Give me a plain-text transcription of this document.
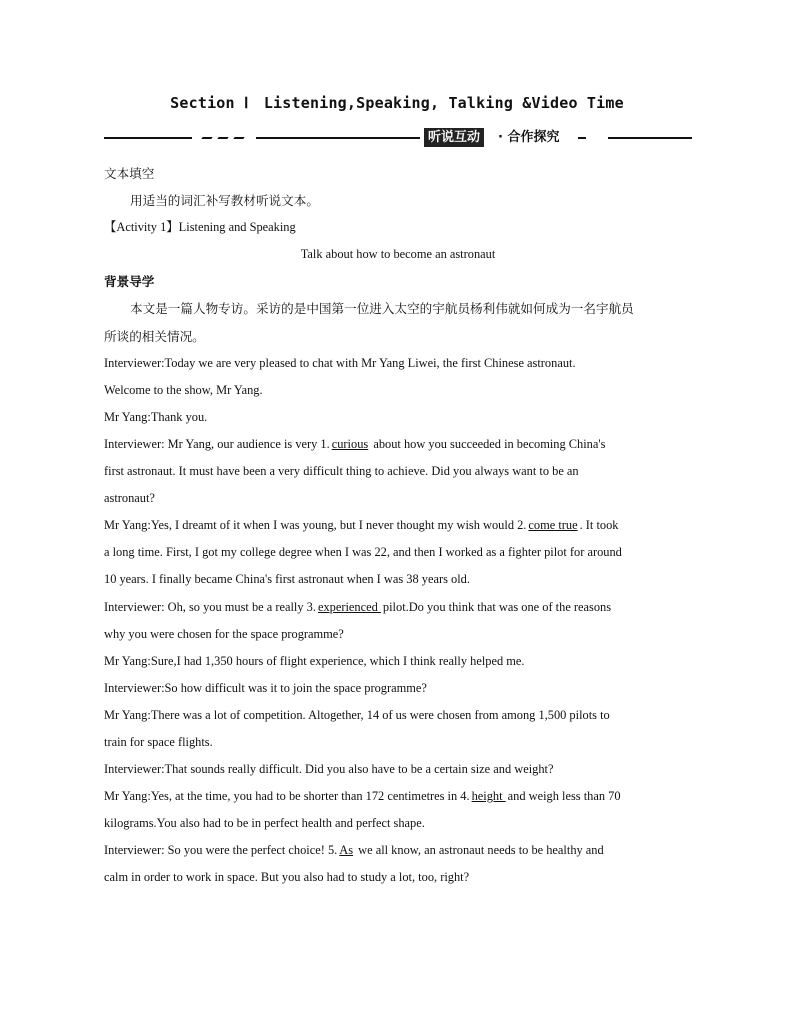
Section Ⅰ　Listening,Speaking, Talking &Video Time
听说互动	· 合作探究
文本填空
用适当的词汇补写教材听说文本。
【Activity 1】Listening and Speaking
Talk about how to become an astronaut
背景导学
本文是一篇人物专访。采访的是中国第一位进入太空的宇航员杨利伟就如何成为一名宇航员
所谈的相关情况。
Interviewer:Today we are very pleased to chat with Mr Yang Liwei, the first Chinese astronaut.
Welcome to the show, Mr Yang.
Mr Yang:Thank you.
Interviewer: Mr Yang, our audience is very 1. curious about how you succeeded in becoming China's
first astronaut. It must have been a very difficult thing to achieve. Did you always want to be an
astronaut?
Mr Yang:Yes, I dreamt of it when I was young, but I never thought my wish would 2. come true . It took
a long time. First, I got my college degree when I was 22, and then I worked as a fighter pilot for around
10 years. I finally became China's first astronaut when I was 38 years old.
Interviewer: Oh, so you must be a really 3. experienced pilot.Do you think that was one of the reasons
why you were chosen for the space programme?
Mr Yang:Sure,I had 1,350 hours of flight experience, which I think really helped me.
Interviewer:So how difficult was it to join the space programme?
Mr Yang:There was a lot of competition. Altogether, 14 of us were chosen from among 1,500 pilots to
train for space flights.
Interviewer:That sounds really difficult. Did you also have to be a certain size and weight?
Mr Yang:Yes, at the time, you had to be shorter than 172 centimetres in 4. height and weigh less than 70
kilograms.You also had to be in perfect health and perfect shape.
Interviewer: So you were the perfect choice! 5. As we all know, an astronaut needs to be healthy and
calm in order to work in space. But you also had to study a lot, too, right?
